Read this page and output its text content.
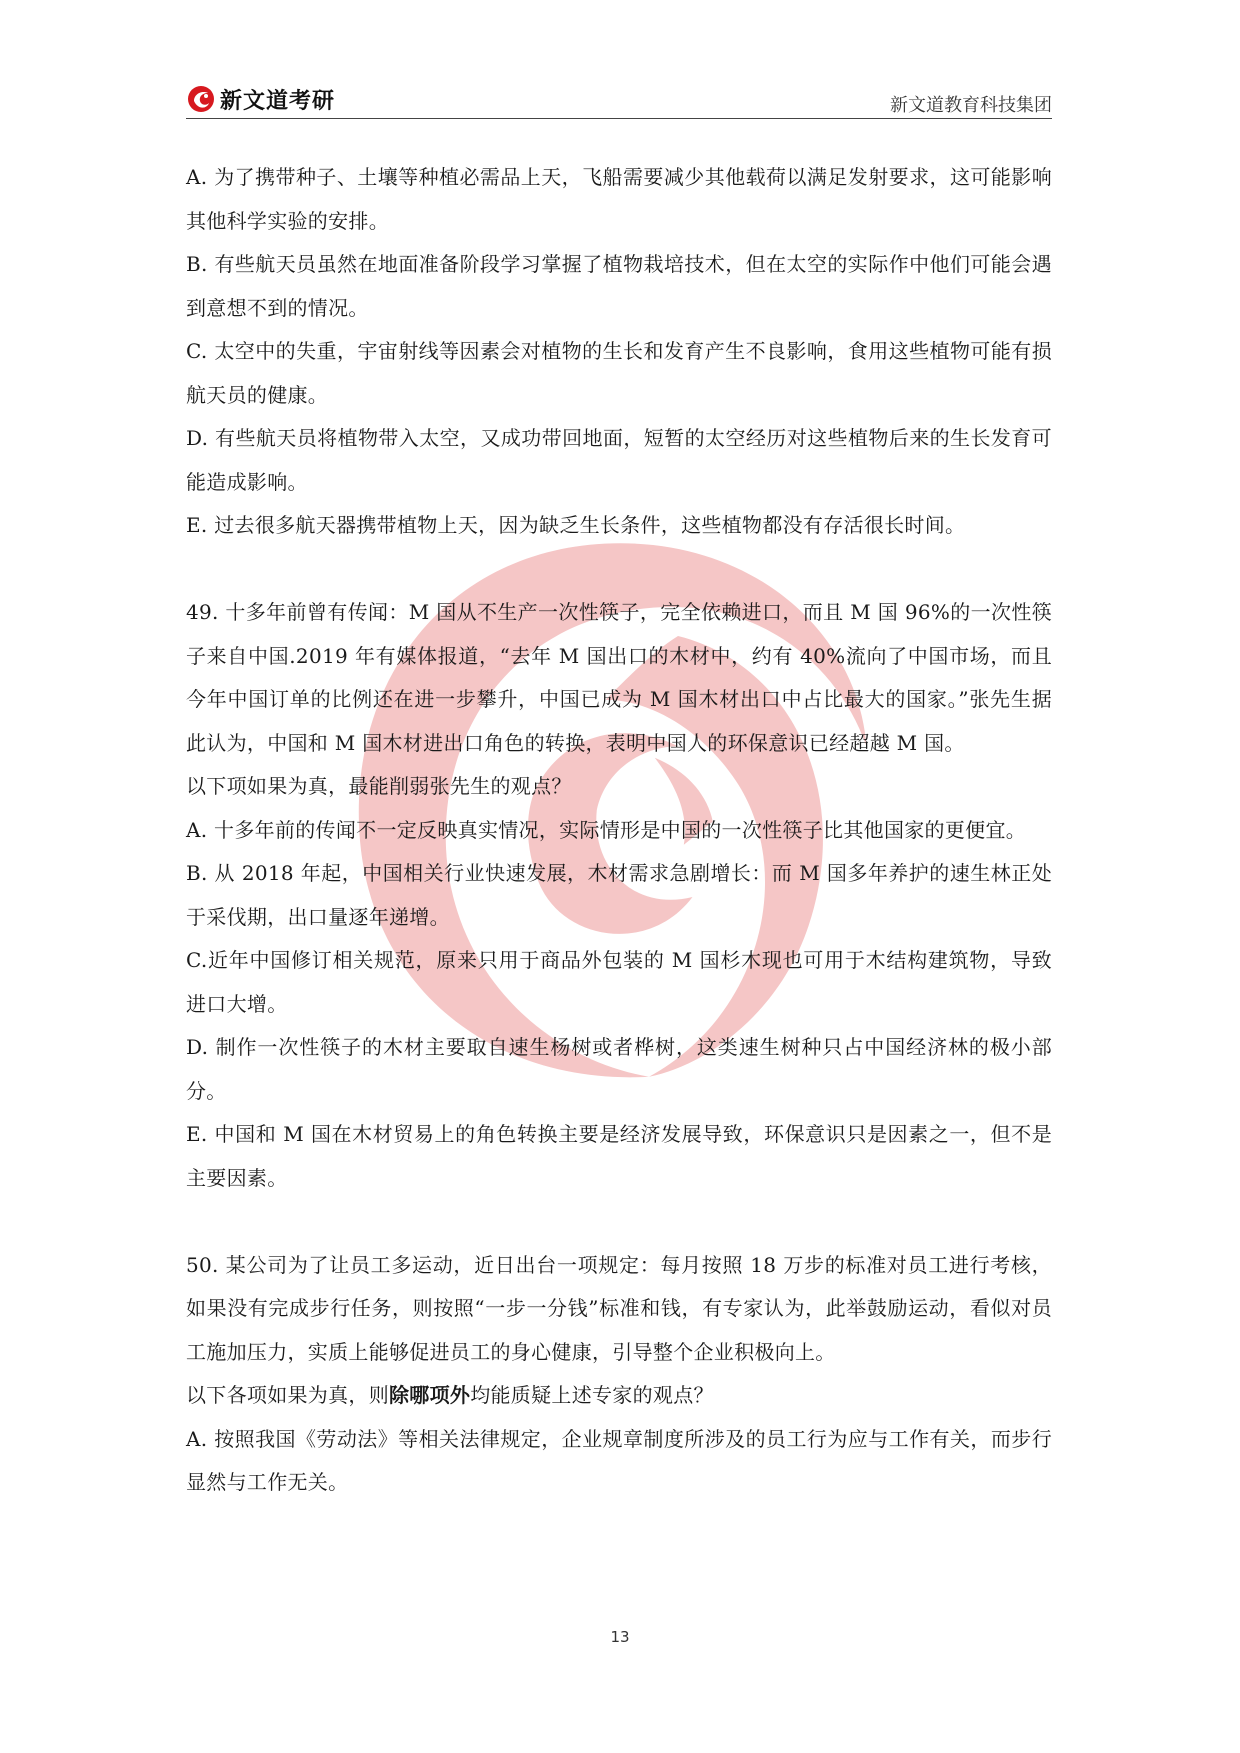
新文道考研	新文道教育科技集团

A. 为了携带种子、土壤等种植必需品上天，飞船需要减少其他载荷以满足发射要求，这可能影响其他科学实验的安排。

B. 有些航天员虽然在地面准备阶段学习掌握了植物栽培技术，但在太空的实际作中他们可能会遇到意想不到的情况。

C. 太空中的失重，宇宙射线等因素会对植物的生长和发育产生不良影响，食用这些植物可能有损航天员的健康。

D. 有些航天员将植物带入太空，又成功带回地面，短暂的太空经历对这些植物后来的生长发育可能造成影响。

E. 过去很多航天器携带植物上天，因为缺乏生长条件，这些植物都没有存活很长时间。

49. 十多年前曾有传闻：M 国从不生产一次性筷子，完全依赖进口，而且 M 国 96%的一次性筷子来自中国.2019 年有媒体报道，“去年 M 国出口的木材中，约有 40%流向了中国市场，而且今年中国订单的比例还在进一步攀升，中国已成为 M 国木材出口中占比最大的国家。”张先生据此认为，中国和 M 国木材进出口角色的转换，表明中国人的环保意识已经超越 M 国。

以下项如果为真，最能削弱张先生的观点？

A. 十多年前的传闻不一定反映真实情况，实际情形是中国的一次性筷子比其他国家的更便宜。

B. 从 2018 年起，中国相关行业快速发展，木材需求急剧增长：而 M 国多年养护的速生林正处于采伐期，出口量逐年递增。

C.近年中国修订相关规范，原来只用于商品外包装的 M 国杉木现也可用于木结构建筑物，导致进口大增。

D. 制作一次性筷子的木材主要取自速生杨树或者桦树，这类速生树种只占中国经济林的极小部分。

E. 中国和 M 国在木材贸易上的角色转换主要是经济发展导致，环保意识只是因素之一，但不是主要因素。

50. 某公司为了让员工多运动，近日出台一项规定：每月按照 18 万步的标准对员工进行考核，如果没有完成步行任务，则按照“一步一分钱”标准和钱，有专家认为，此举鼓励运动，看似对员工施加压力，实质上能够促进员工的身心健康，引导整个企业积极向上。

以下各项如果为真，则除哪项外均能质疑上述专家的观点？

A. 按照我国《劳动法》等相关法律规定，企业规章制度所涉及的员工行为应与工作有关，而步行显然与工作无关。

13
